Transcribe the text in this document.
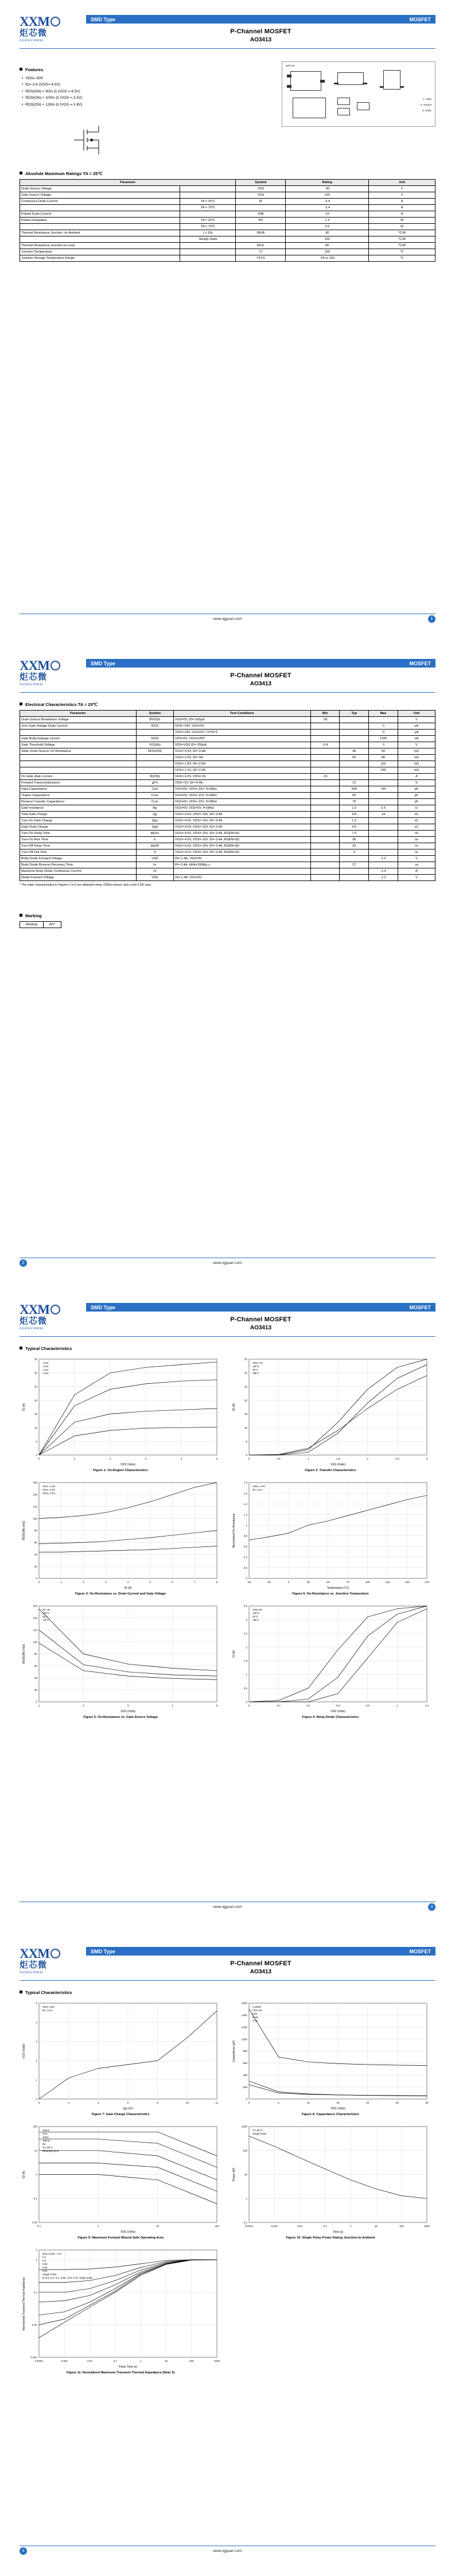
XXM
炬芯微
XUANXINWEI
SMD Type	MOSFET
P-Channel MOSFET
AO3413
Features
• VDS=-30V
• ID=-3.4 (VGS=-4.5V)
• RDS(ON) < 60m Ω (VGS =-4.5V)
• RDS(ON) < 100m Ω (VGS =-2.5V)
• RDS(ON) < 130m Ω (VGS =-1.8V)
SOT-23
1. Gate
2. Source
3. Drain
Absolute Maximum Ratings TA = 25℃
Parameter		Symbol	Rating	Unit
Drain-Source Voltage		VDS	-30	V
Gate-Source Voltage		VGS	±20	V
Continuous Drain Current	TA = 25℃	ID	-3.4	A
	TA = 70℃		-2.4	A
Pulsed Drain Current		IDM	-15	A
Power Dissipation	TA = 25℃	PD	1.4	W
	TA = 70℃		0.9	W
Thermal Resistance,Junction -to-Ambient	t ≤ 10s	RθJA	90	℃/W
	Steady-State		150	℃/W
Thermal Resistance,Junction-to-Lead		RθJL	80	℃/W
Junction Temperature		TJ	150	℃
Junction Storage Temperature Range		TSTG	-55 to 150	℃
www.xjjguan.com	1
XXM
炬芯微
XUANXINWEI
SMD Type	MOSFET
P-Channel MOSFET
AO3413
Electrical Characteristics TA = 25℃
Parameter	Symbol	Test Conditions	Min	Typ	Max	Unit
Drain-Source Breakdown Voltage	BVDSS	VGS=0V, ID=-250μA	-30			V
Zero Gate Voltage Drain Current	IDSS	VDS=-24V, VGS=0V			-1	μA
		VDS=-24V, VGS=0V, TJ=55℃			-5	μA
Gate-Body leakage current	IGSS	VDS=0V, VGS=±20V			±100	nA
Gate Threshold Voltage	VGS(th)	VDS=VGS ID=-250μA	-0.4		-1	V
Static Drain-Source On-Resistance	RDS(ON)	VGS=-4.5V, ID=-3.4A		46	60	mΩ
		VGS=-2.5V, ID=-3A		60	80	mΩ
		VGS=-1.8V, ID=-2.6A			115	mΩ
		VGS=-1.5V, ID=-2.5A			160	mΩ
On state drain current	ID(ON)	VGS=-4.5V, VDS=-5V	-15			A
Forward Transconductance	gFS	VDS=-5V, ID=-3.4A		12		S
Input Capacitance	Ciss	VGS=0V, VDS=-15V, f=1MHz		590	745	pF
Output Capacitance	Coss	VGS=0V, VDS=-15V, f=1MHz		60		pF
Reverse Transfer Capacitance	Crss	VGS=0V, VDS=-15V, f=1MHz		70		pF
Gate resistance	Rg	VGS=0V, VDS=0V, f=1MHz		1.5	2.5	Ω
Total Gate Charge	Qg	VGS=-4.5V, VDS=-15V, ID=-3.4A		9.8	14	nC
Turn-On Gate Charge	Qgs	VGS=-4.5V, VDS=-15V, ID=-3.4A		1.2		nC
Gate Drain Charge	Qgd	VGS=-4.5V, VDS=-15V, ID=-3.4A		3.5		nC
Turn-On Delay Time	td(on)	VGS=-4.5V, VDS=-15V, ID=-3.4A, RGEN=3Ω		7.5		ns
Turn-On Rise Time	tr	VGS=-4.5V, VDS=-15V, ID=-3.4A, RGEN=3Ω		36		ns
Turn-Off Delay Time	td(off)	VGS=-4.5V, VDS=-15V, ID=-3.4A, RGEN=3Ω		33		ns
Turn-Off Fall Time	tf	VGS=-4.5V, VDS=-15V, ID=-3.4A, RGEN=3Ω		9		ns
Body Diode Forward Voltage	VSD	IS=-1.4A, VGS=0V			-1.2	V
Body Diode Reverse Recovery Time	trr	IF=-3.4A, dI/dt=100A/μ s		27		ns
Maximum Body Diode Continuous Current	IS				-1.4	A
Diode Forward Voltage	VSD	IS=-1.4A, VGS=0V			-1.2	V
* The static characteristics in Figures 1 to 6 are obtained using <300us pulses, duty cycle 0.5% max.
Marking
Marking	AO*
www.xjjguan.com
2
XXM
炬芯微
XUANXINWEI
SMD Type	MOSFET
P-Channel MOSFET
AO3413
Typical Characteristics
0	1	2	3	4	5
0
5
10
15
20
25
30
35
-4.5V
-2.5V
-1.8V
-1.5V
VDS (Volts)
ID (A)
Figure 1: On-Region Characteristics
0	0.5	1	1.5	2	2.5	3
0
5
10
15
20
25
30
35
VDS=-5V
125°C
25°C
-55°C
VGS (Volts)
ID (A)
Figure 2: Transfer Characteristics
0	1	2	3	4	5	6	7	8
0
20
40
60
80
100
120
140
160
VGS=-1.8V
VGS=-2.5V
VGS=-4.5V
ID (A)
RDS(ON) (mΩ)
Figure 3: On-Resistance vs. Drain Current and Gate Voltage
-50	-25	0	25	50	75	100	125	150	175
0
0.2
0.4
0.6
0.8
1
1.2
1.4
1.6
1.8
VGS=-4.5V
ID=-3.4A
Temperature (°C)
Normalized On-Resistance
Figure 4: On-Resistance vs. Junction Temperature
1	2	3	4	5
0
20
40
60
80
100
120
140
160
ID=-3A
125°C
25°C
-55°C
VGS (Volts)
RDS(ON) (mΩ)
Figure 5: On-Resistance vs. Gate-Source Voltage
0	0.2	0.4	0.6	0.8	1	1.2
0
0.5
1
1.5
2
2.5
3
3.5
VGS=0V
125°C
25°C
-55°C
VSD (Volts)
IS (A)
Figure 6: Body-Diode Characteristics
www.xjjguan.com	3
XXM
炬芯微
XUANXINWEI
SMD Type	MOSFET
P-Channel MOSFET
AO3413
Typical Characteristics
0	2	4	6	8	10	12
0
1
2
3
4
5
VDS=-15V
ID=-3.4A
Qg (nC)
VGS (Volts)
Figure 7: Gate-Charge Characteristics
0	5	10	15	20	25	30
0
200
400
600
800
1000
1200
1400
1600
f=1MHz
VGS=0V
Ciss
Coss
Crss
VDS (Volts)
Capacitance (pF)
Figure 8: Capacitance Characteristics
0.1	1	10	100
0.01
0.1
1
10
100
100us
1ms
10ms
100ms
DC
TA=25°C
RDS(ON) limit
VDS (Volts)
ID (A)
Figure 9: Maximum Forward Biased Safe Operating Area
0.0001	0.001	0.01	0.1	1	10	100	1000
0.1
1
10
100
1000
TA=25°C
Single Pulse
Time (s)
Power (W)
Figure 10: Single Pulse Power Rating Junction-to-Ambient
0.0001	0.001	0.01	0.1	1	10	100	1000
0.001
0.01
0.1
1
2
Duty Cycle = 0.5
0.2
0.1
0.05
0.02
0.01
Single Pulse
D=0.5, 0.2, 0.1, 0.05, 0.02, 0.01, single pulse
Pulse Time (s)
Normalized Transient Thermal Impedance
Figure 11: Normalized Maximum Transient Thermal Impedance (Note 5)
www.xjjguan.com
4
